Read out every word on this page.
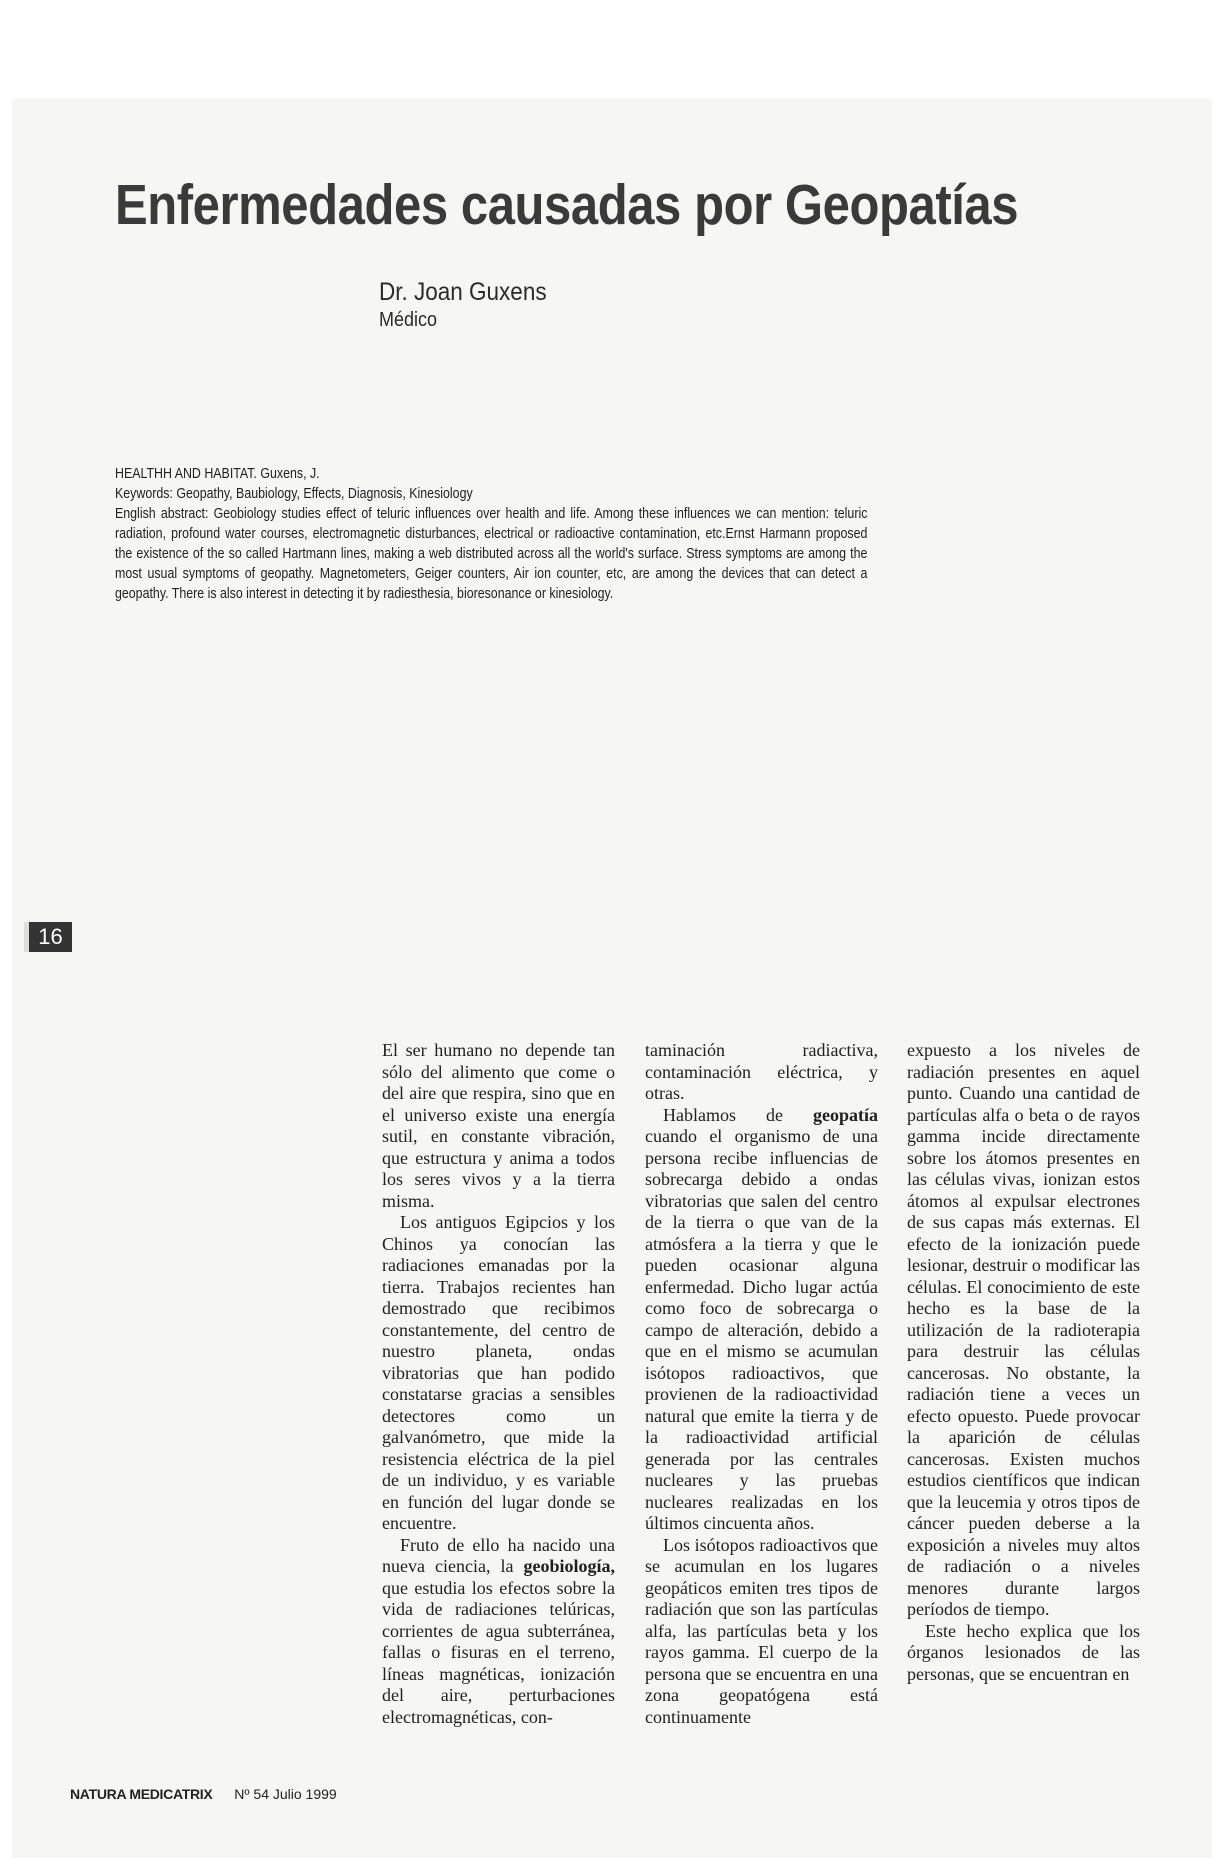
Enfermedades causadas por Geopatías
Dr. Joan Guxens
Médico

HEALTHH AND HABITAT. Guxens, J.

Keywords: Geopathy, Baubiology, Effects, Diagnosis, Kinesiology

English abstract: Geobiology studies effect of teluric influences over health and life. Among these influences we can mention: teluric radiation, profound water courses, electromagnetic disturbances, electrical or radioactive contamination, etc.Ernst Harmann proposed the existence of the so called Hartmann lines, making a web distributed across all the world's surface. Stress symptoms are among the most usual symptoms of geopathy. Magnetometers, Geiger counters, Air ion counter, etc, are among the devices that can detect a geopathy. There is also interest in detecting it by radiesthesia, bioresonance or kinesiology.

16

El ser humano no depende tan sólo del alimento que come o del aire que respira, sino que en el universo existe una energía sutil, en constante vibración, que estructura y anima a todos los seres vivos y a la tierra misma.

Los antiguos Egipcios y los Chinos ya conocían las radiaciones emanadas por la tierra. Trabajos recientes han demostrado que recibimos constantemente, del centro de nuestro planeta, ondas vibratorias que han podido constatarse gracias a sensibles detectores como un galvanómetro, que mide la resistencia eléctrica de la piel de un individuo, y es variable en función del lugar donde se encuentre.

Fruto de ello ha nacido una nueva ciencia, la geobiología, que estudia los efectos sobre la vida de radiaciones telúricas, corrientes de agua subterránea, fallas o fisuras en el terreno, líneas magnéticas, ionización del aire, perturbaciones electromagnéticas, con-

taminación radiactiva, contaminación eléctrica, y otras.

Hablamos de geopatía cuando el organismo de una persona recibe influencias de sobrecarga debido a ondas vibratorias que salen del centro de la tierra o que van de la atmósfera a la tierra y que le pueden ocasionar alguna enfermedad. Dicho lugar actúa como foco de sobrecarga o campo de alteración, debido a que en el mismo se acumulan isótopos radioactivos, que provienen de la radioactividad natural que emite la tierra y de la radioactividad artificial generada por las centrales nucleares y las pruebas nucleares realizadas en los últimos cincuenta años.

Los isótopos radioactivos que se acumulan en los lugares geopáticos emiten tres tipos de radiación que son las partículas alfa, las partículas beta y los rayos gamma. El cuerpo de la persona que se encuentra en una zona geopatógena está continuamente

expuesto a los niveles de radiación presentes en aquel punto. Cuando una cantidad de partículas alfa o beta o de rayos gamma incide directamente sobre los átomos presentes en las células vivas, ionizan estos átomos al expulsar electrones de sus capas más externas. El efecto de la ionización puede lesionar, destruir o modificar las células. El conocimiento de este hecho es la base de la utilización de la radioterapia para destruir las células cancerosas. No obstante, la radiación tiene a veces un efecto opuesto. Puede provocar la aparición de células cancerosas. Existen muchos estudios científicos que indican que la leucemia y otros tipos de cáncer pueden deberse a la exposición a niveles muy altos de radiación o a niveles menores durante largos períodos de tiempo.

Este hecho explica que los órganos lesionados de las personas, que se encuentran en

NATURA MEDICATRIX Nº 54 Julio 1999
